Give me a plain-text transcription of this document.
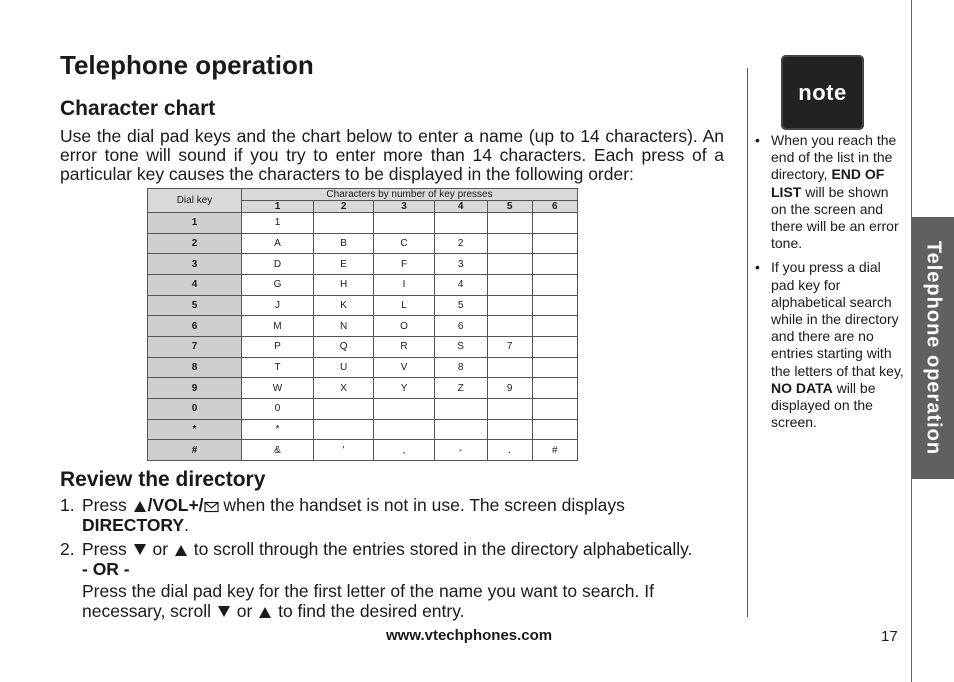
Telephone operation
Character chart

Use the dial pad keys and the chart below to enter a name (up to 14 characters). An error tone will sound if you try to enter more than 14 characters. Each press of a particular key causes the characters to be displayed in the following order:

Dial key	Characters by number of key presses					
	1	2	3	4	5	6
1	1					
2	A	B	C	2		
3	D	E	F	3		
4	G	H	I	4		
5	J	K	L	5		
6	M	N	O	6		
7	P	Q	R	S	7	
8	T	U	V	8		
9	W	X	Y	Z	9	
0	0					
*	*					
#	&	'	,	-	.	#
Review the directory
1. Press /VOL+/ when the handset is not in use. The screen displays
DIRECTORY.
2. Press or to scroll through the entries stored in the directory alphabetically.
- OR -
Press the dial pad key for the first letter of the name you want to search. If necessary, scroll or to find the desired entry.
note
• When you reach the end of the list in the directory, END OF LIST will be shown on the screen and there will be an error tone.
• If you press a dial pad key for alphabetical search while in the directory and there are no entries starting with the letters of that key, NO DATA will be displayed on the screen.	Telephone operation
www.vtechphones.com	17
